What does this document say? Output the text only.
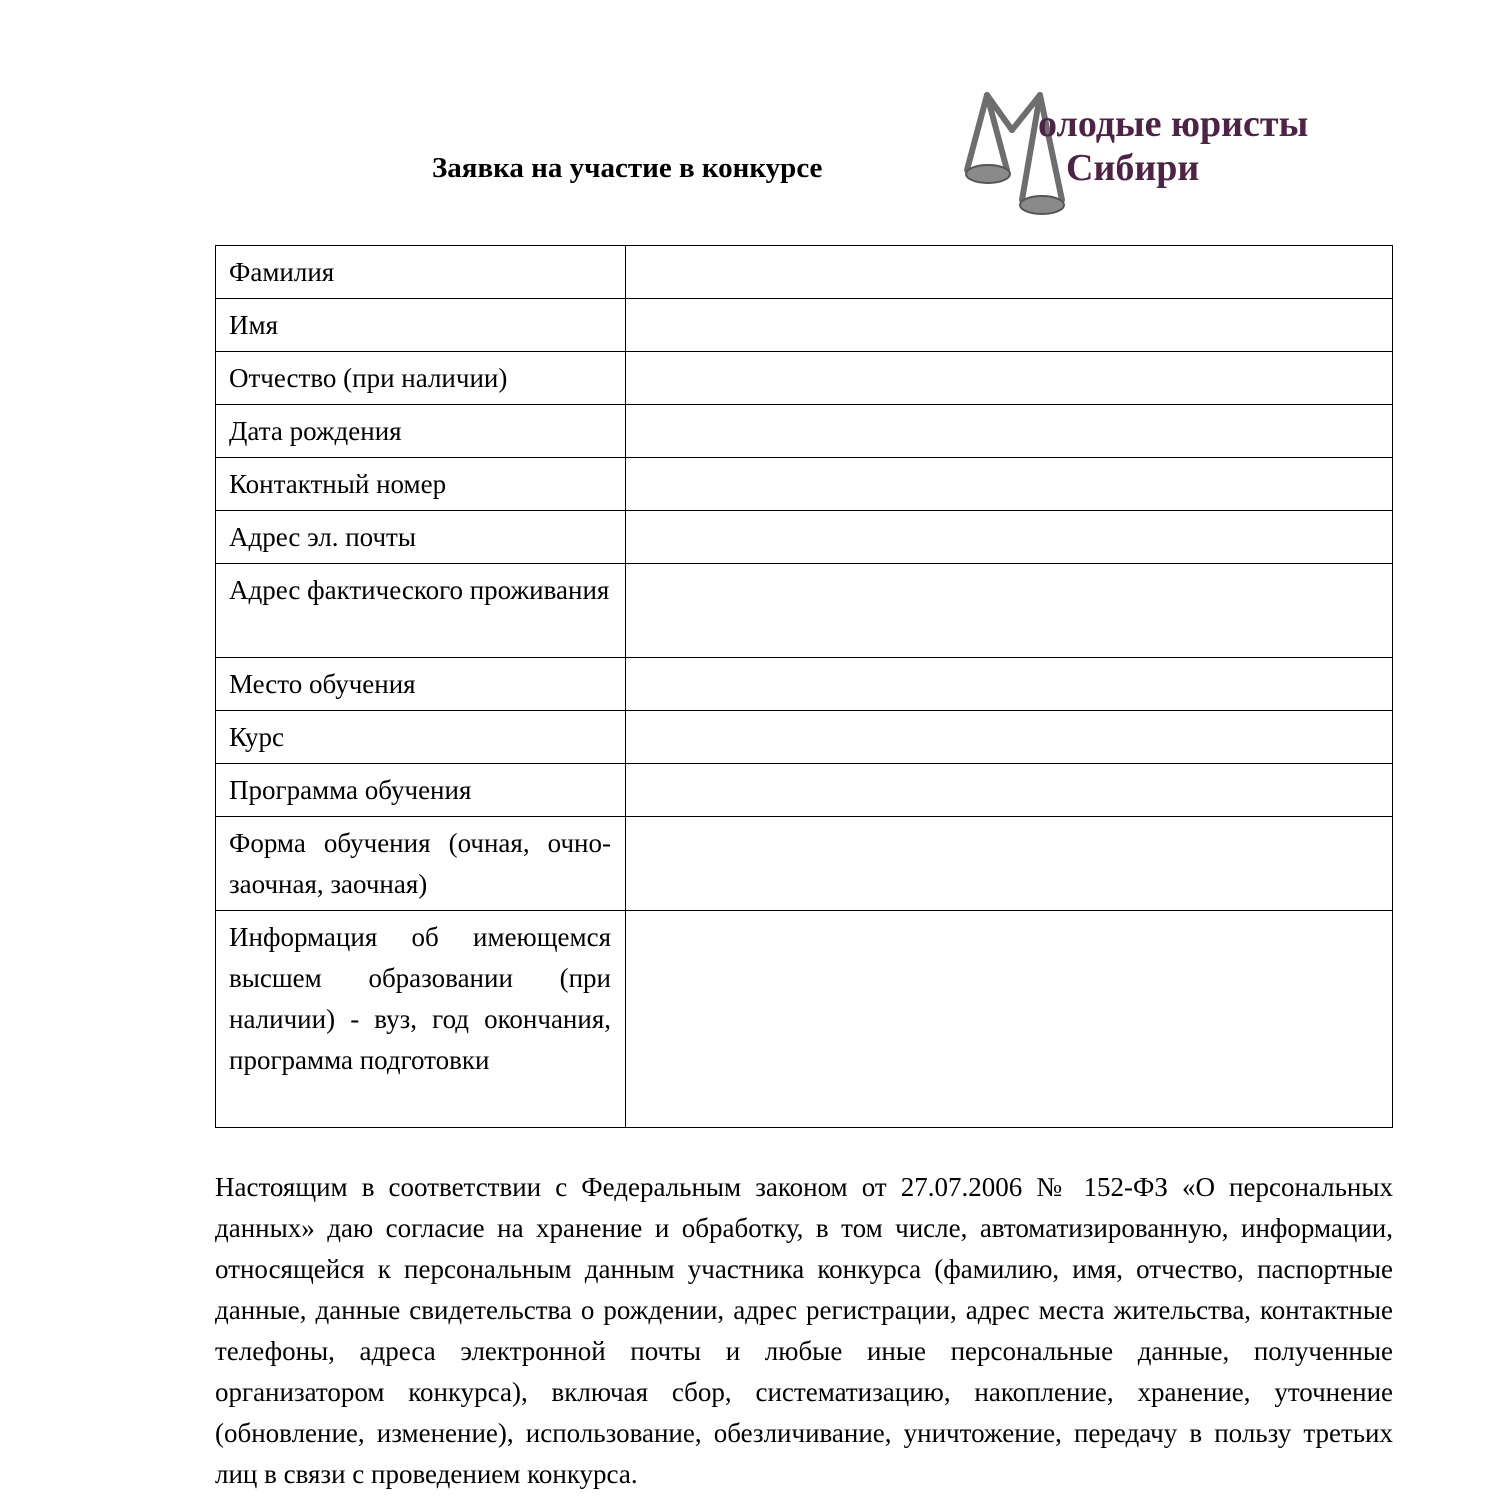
Заявка на участие в конкурсе
олодые юристы
Сибири
Фамилия	
Имя	
Отчество (при наличии)	
Дата рождения	
Контактный номер	
Адрес эл. почты	
Адрес фактического проживания	
Место обучения	
Курс	
Программа обучения	
Форма обучения (очная, очно-заочная, заочная)	
Информация об имеющемся высшем образовании (при наличии) - вуз, год окончания, программа подготовки	

Настоящим в соответствии с Федеральным законом от 27.07.2006 № 152-ФЗ «О персональных данных» даю согласие на хранение и обработку, в том числе, автоматизированную, информации, относящейся к персональным данным участника конкурса (фамилию, имя, отчество, паспортные данные, данные свидетельства о рождении, адрес регистрации, адрес места жительства, контактные телефоны, адреса электронной почты и любые иные персональные данные, полученные организатором конкурса), включая сбор, систематизацию, накопление, хранение, уточнение (обновление, изменение), использование, обезличивание, уничтожение, передачу в пользу третьих лиц в связи с проведением конкурса.
